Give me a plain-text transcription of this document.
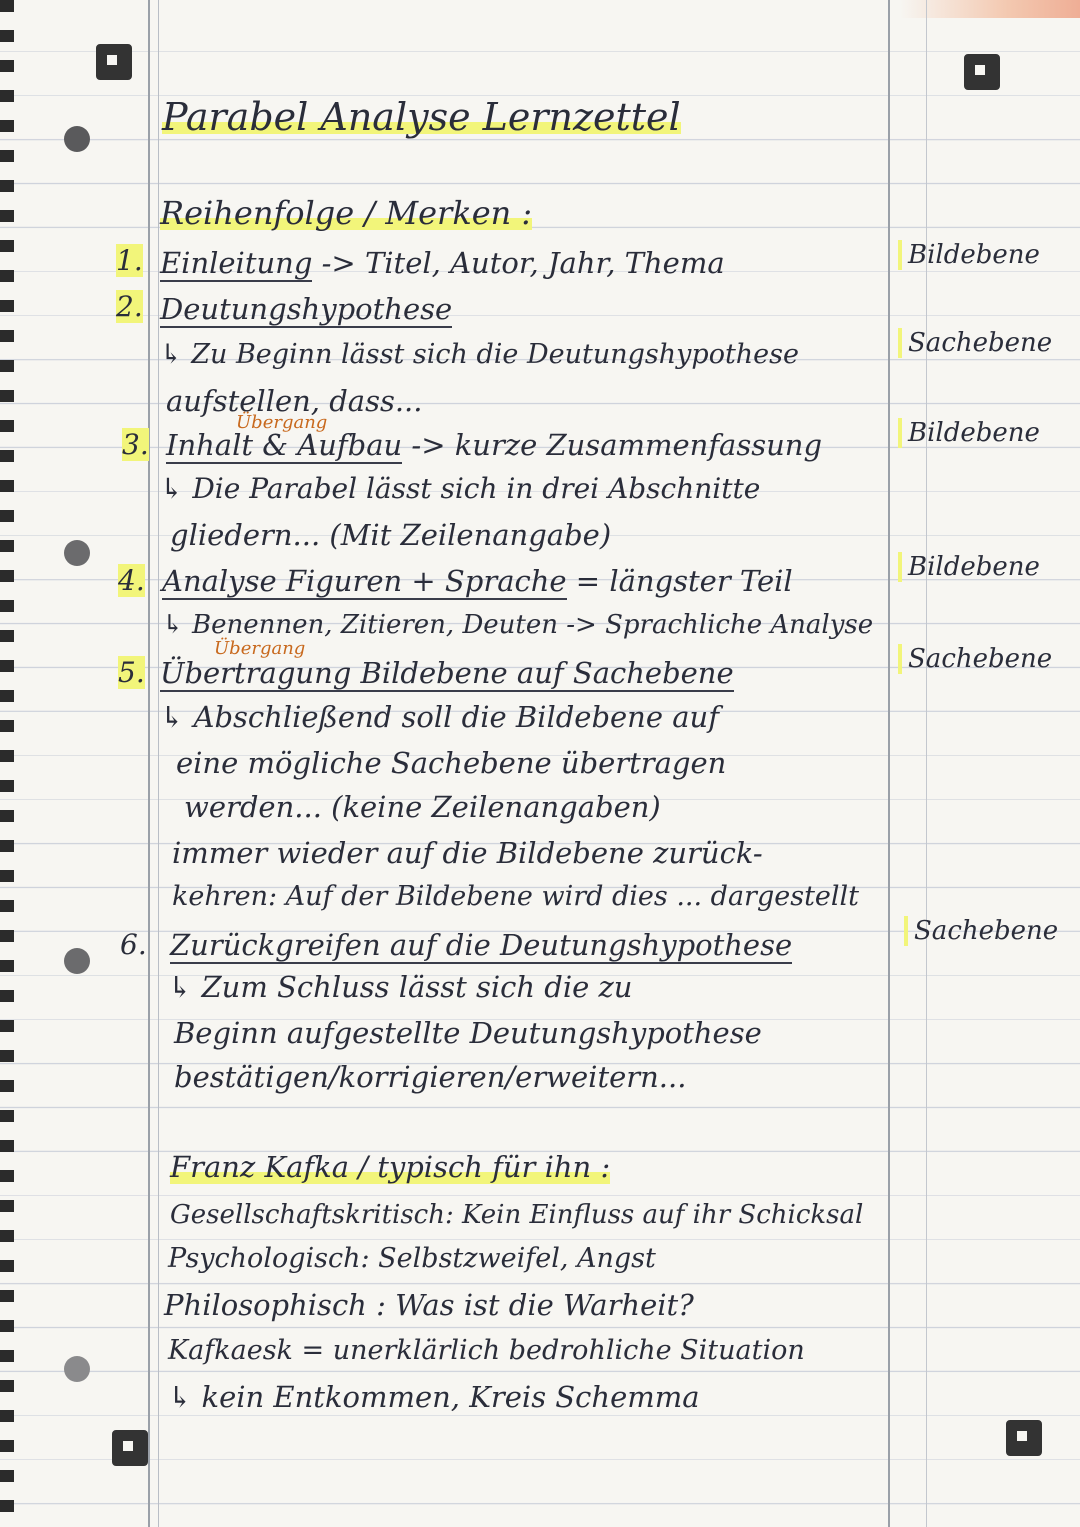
Parabel Analyse Lernzettel
Reihenfolge / Merken :
1. Einleitung -> Titel, Autor, Jahr, Thema	Bildebene
2. Deutungshypothese
↳ Zu Beginn lässt sich die Deutungshypothese	Sachebene
aufstellen, dass...
Übergang
3. Inhalt & Aufbau -> kurze Zusammenfassung	Bildebene
↳ Die Parabel lässt sich in drei Abschnitte
gliedern... (Mit Zeilenangabe)
4. Analyse Figuren + Sprache = längster Teil	Bildebene
↳ Benennen, Zitieren, Deuten -> Sprachliche Analyse
Übergang
5. Übertragung Bildebene auf Sachebene	Sachebene
↳ Abschließend soll die Bildebene auf
eine mögliche Sachebene übertragen
werden... (keine Zeilenangaben)
immer wieder auf die Bildebene zurück-
kehren: Auf der Bildebene wird dies ... dargestellt
6. Zurückgreifen auf die Deutungshypothese	Sachebene
↳ Zum Schluss lässt sich die zu
Beginn aufgestellte Deutungshypothese
bestätigen/korrigieren/erweitern...
Franz Kafka / typisch für ihn :
Gesellschaftskritisch: Kein Einfluss auf ihr Schicksal
Psychologisch: Selbstzweifel, Angst
Philosophisch : Was ist die Warheit?
Kafkaesk = unerklärlich bedrohliche Situation
↳ kein Entkommen, Kreis Schemma
